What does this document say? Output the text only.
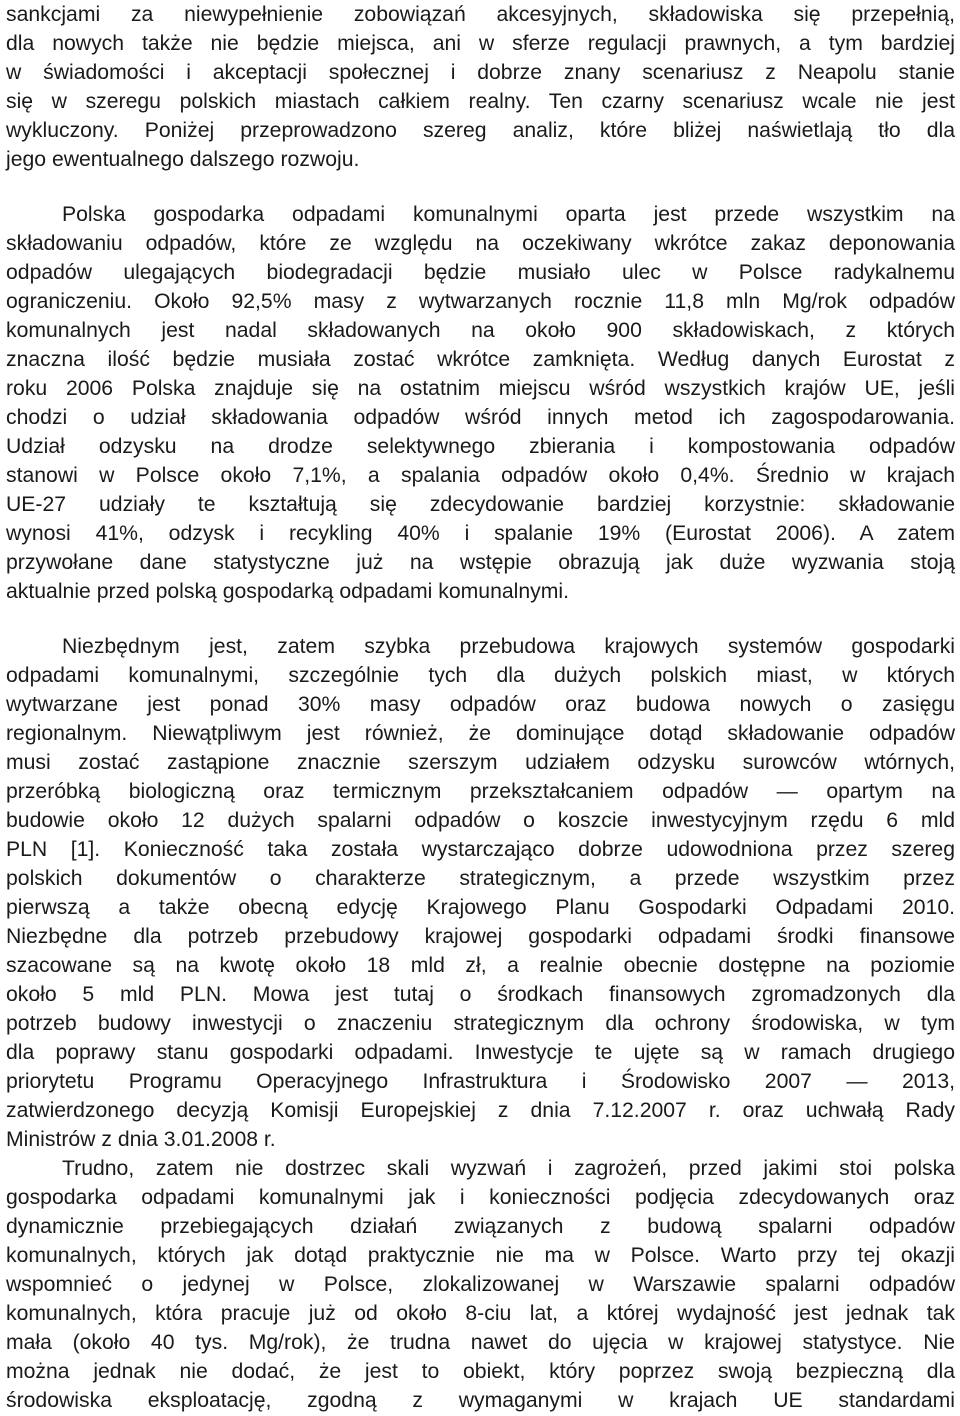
sankcjami za niewypełnienie zobowiązań akcesyjnych, składowiska się przepełnią,
dla nowych także nie będzie miejsca, ani w sferze regulacji prawnych, a tym bardziej
w świadomości i akceptacji społecznej i dobrze znany scenariusz z Neapolu stanie
się w szeregu polskich miastach całkiem realny. Ten czarny scenariusz wcale nie jest
wykluczony. Poniżej przeprowadzono szereg analiz, które bliżej naświetlają tło dla
jego ewentualnego dalszego rozwoju.
Polska gospodarka odpadami komunalnymi oparta jest przede wszystkim na
składowaniu odpadów, które ze względu na oczekiwany wkrótce zakaz deponowania
odpadów ulegających biodegradacji będzie musiało ulec w Polsce radykalnemu
ograniczeniu. Około 92,5% masy z wytwarzanych rocznie 11,8 mln Mg/rok odpadów
komunalnych jest nadal składowanych na około 900 składowiskach, z których
znaczna ilość będzie musiała zostać wkrótce zamknięta. Według danych Eurostat z
roku 2006 Polska znajduje się na ostatnim miejscu wśród wszystkich krajów UE, jeśli
chodzi o udział składowania odpadów wśród innych metod ich zagospodarowania.
Udział odzysku na drodze selektywnego zbierania i kompostowania odpadów
stanowi w Polsce około 7,1%, a spalania odpadów około 0,4%. Średnio w krajach
UE-27 udziały te kształtują się zdecydowanie bardziej korzystnie: składowanie
wynosi 41%, odzysk i recykling 40% i spalanie 19% (Eurostat 2006). A zatem
przywołane dane statystyczne już na wstępie obrazują jak duże wyzwania stoją
aktualnie przed polską gospodarką odpadami komunalnymi.
Niezbędnym jest, zatem szybka przebudowa krajowych systemów gospodarki
odpadami komunalnymi, szczególnie tych dla dużych polskich miast, w których
wytwarzane jest ponad 30% masy odpadów oraz budowa nowych o zasięgu
regionalnym. Niewątpliwym jest również, że dominujące dotąd składowanie odpadów
musi zostać zastąpione znacznie szerszym udziałem odzysku surowców wtórnych,
przeróbką biologiczną oraz termicznym przekształcaniem odpadów — opartym na
budowie około 12 dużych spalarni odpadów o koszcie inwestycyjnym rzędu 6 mld
PLN [1]. Konieczność taka została wystarczająco dobrze udowodniona przez szereg
polskich dokumentów o charakterze strategicznym, a przede wszystkim przez
pierwszą a także obecną edycję Krajowego Planu Gospodarki Odpadami 2010.
Niezbędne dla potrzeb przebudowy krajowej gospodarki odpadami środki finansowe
szacowane są na kwotę około 18 mld zł, a realnie obecnie dostępne na poziomie
około 5 mld PLN. Mowa jest tutaj o środkach finansowych zgromadzonych dla
potrzeb budowy inwestycji o znaczeniu strategicznym dla ochrony środowiska, w tym
dla poprawy stanu gospodarki odpadami. Inwestycje te ujęte są w ramach drugiego
priorytetu Programu Operacyjnego Infrastruktura i Środowisko 2007 — 2013,
zatwierdzonego decyzją Komisji Europejskiej z dnia 7.12.2007 r. oraz uchwałą Rady
Ministrów z dnia 3.01.2008 r.
Trudno, zatem nie dostrzec skali wyzwań i zagrożeń, przed jakimi stoi polska
gospodarka odpadami komunalnymi jak i konieczności podjęcia zdecydowanych oraz
dynamicznie przebiegających działań związanych z budową spalarni odpadów
komunalnych, których jak dotąd praktycznie nie ma w Polsce. Warto przy tej okazji
wspomnieć o jedynej w Polsce, zlokalizowanej w Warszawie spalarni odpadów
komunalnych, która pracuje już od około 8-ciu lat, a której wydajność jest jednak tak
mała (około 40 tys. Mg/rok), że trudna nawet do ujęcia w krajowej statystyce. Nie
można jednak nie dodać, że jest to obiekt, który poprzez swoją bezpieczną dla
środowiska eksploatację, zgodną z wymaganymi w krajach UE standardami
